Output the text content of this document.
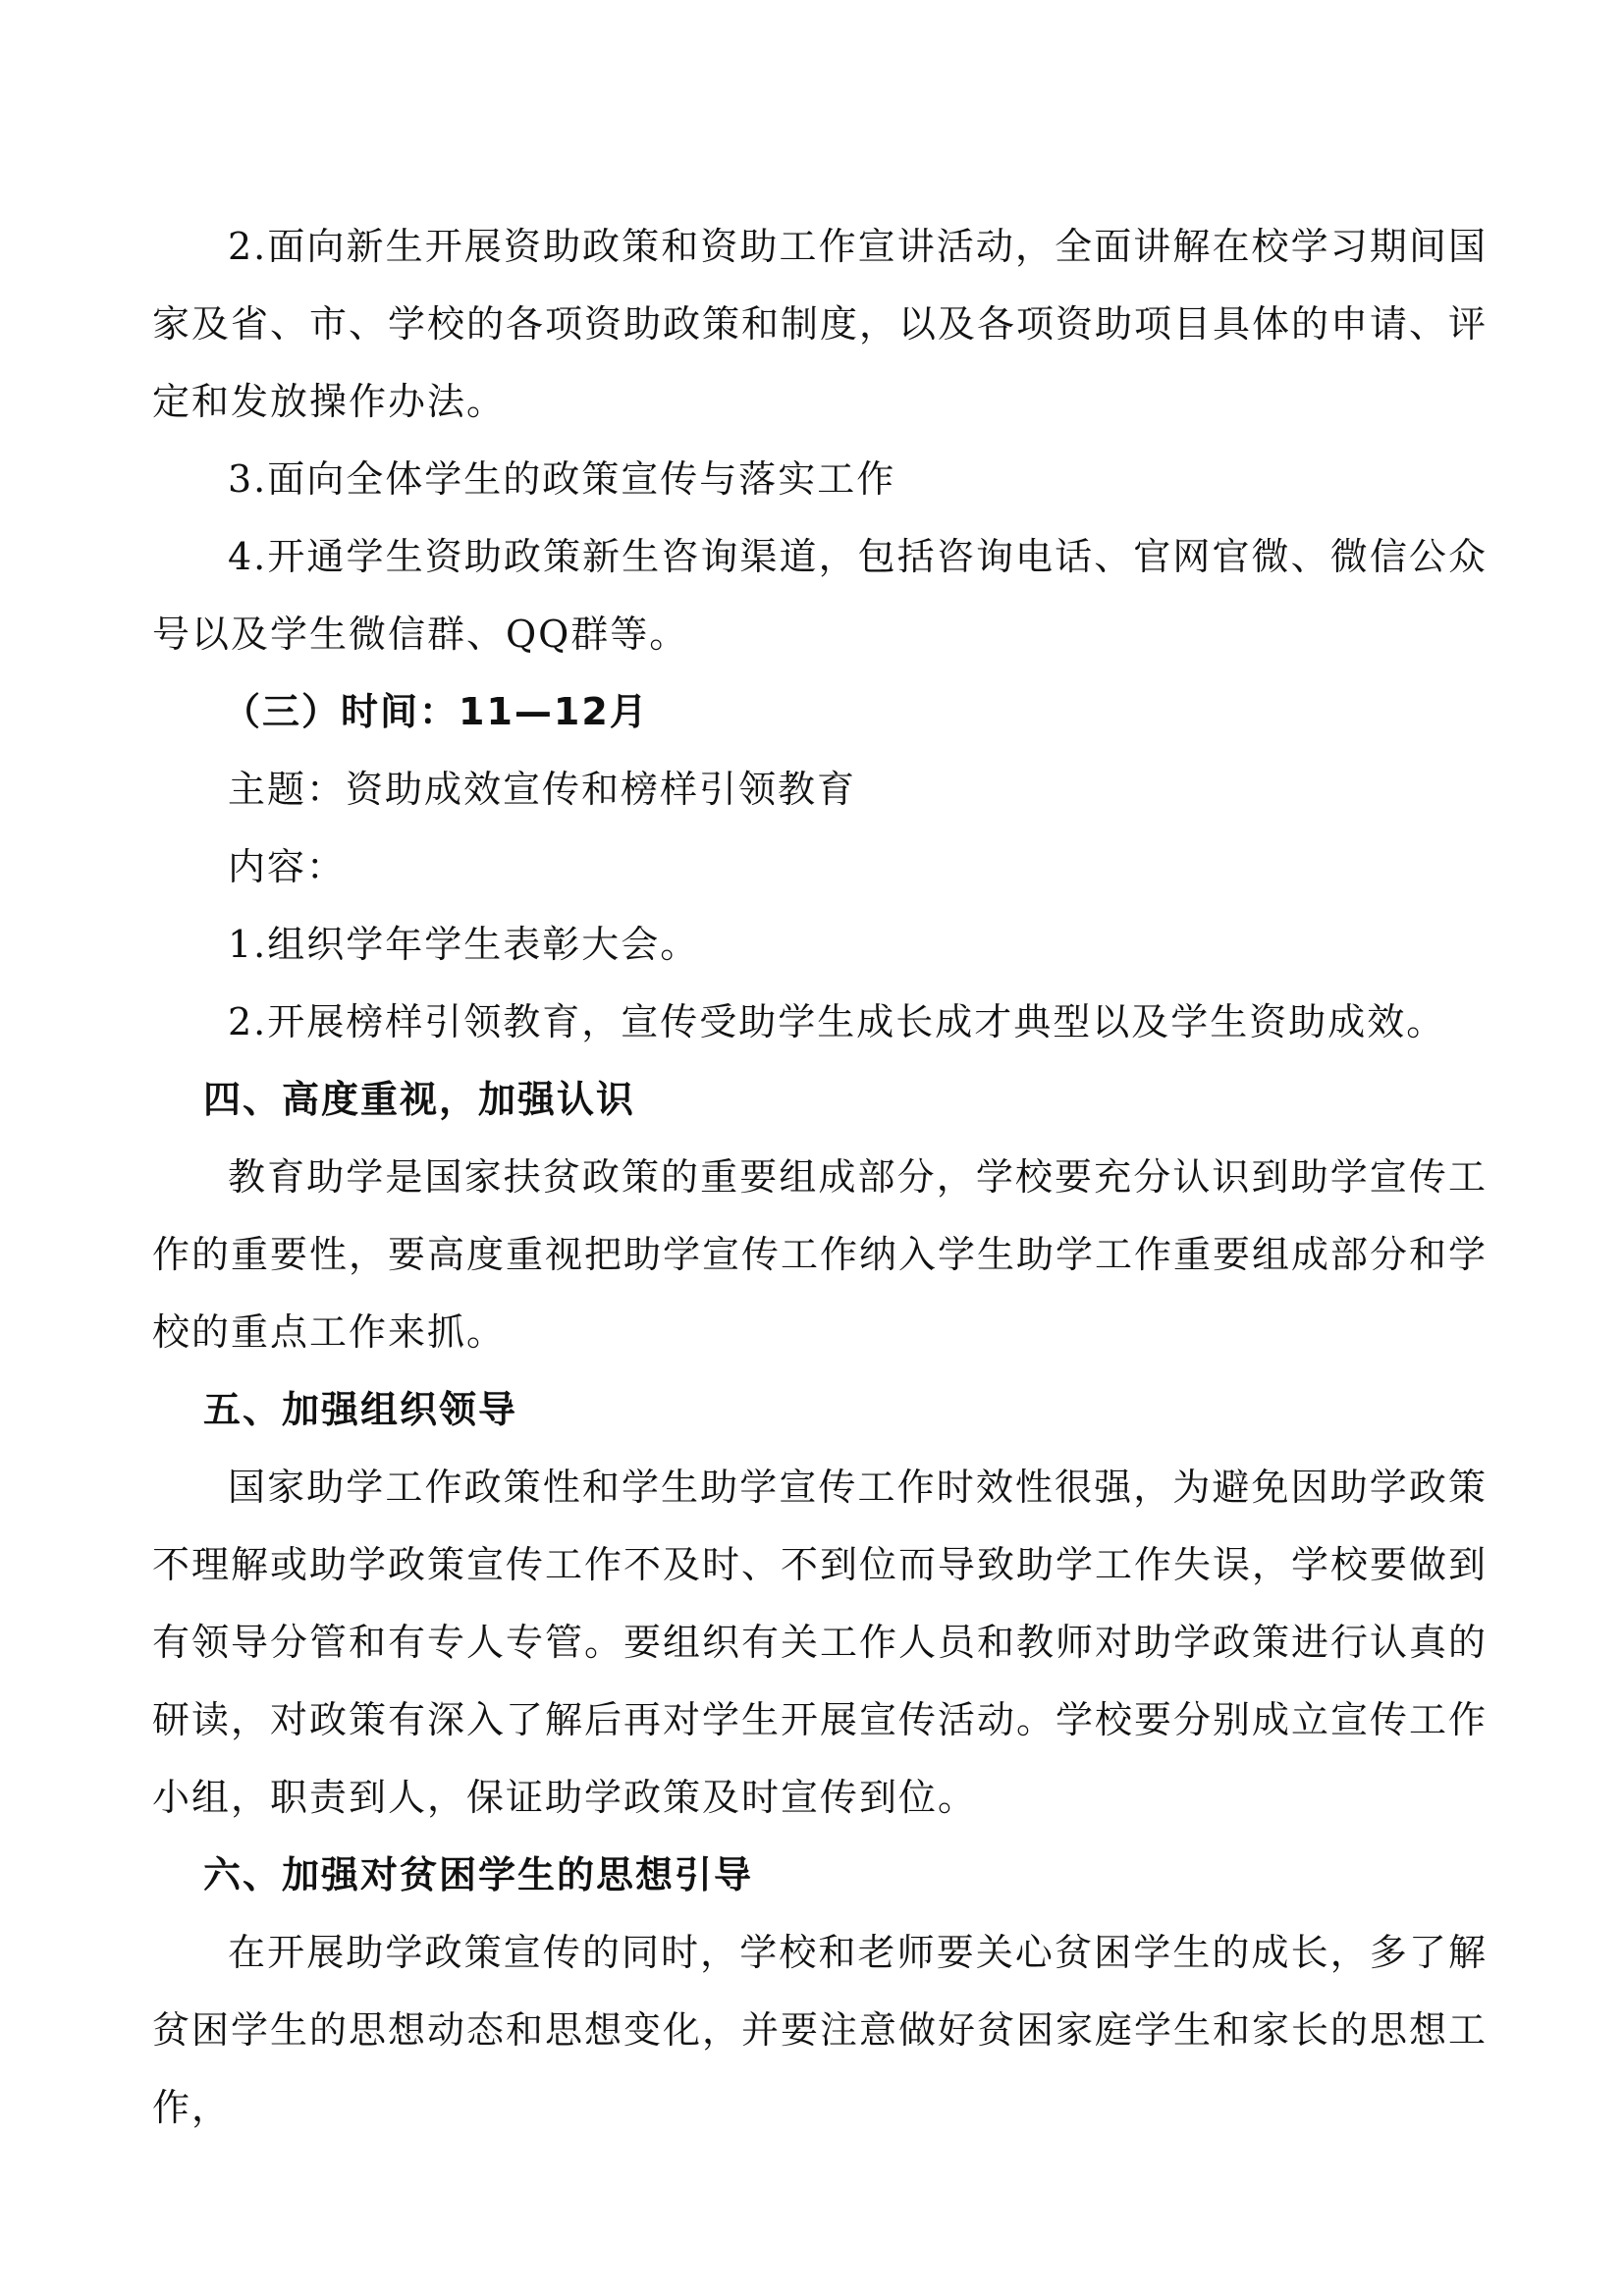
2.面向新生开展资助政策和资助工作宣讲活动，全面讲解在校学习期间国家及省、市、学校的各项资助政策和制度，以及各项资助项目具体的申请、评定和发放操作办法。

3.面向全体学生的政策宣传与落实工作

4.开通学生资助政策新生咨询渠道，包括咨询电话、官网官微、微信公众号以及学生微信群、QQ群等。

（三）时间：11—12月

主题：资助成效宣传和榜样引领教育

内容：

1.组织学年学生表彰大会。

2.开展榜样引领教育，宣传受助学生成长成才典型以及学生资助成效。

四、高度重视，加强认识

教育助学是国家扶贫政策的重要组成部分，学校要充分认识到助学宣传工作的重要性，要高度重视把助学宣传工作纳入学生助学工作重要组成部分和学校的重点工作来抓。

五、加强组织领导

国家助学工作政策性和学生助学宣传工作时效性很强，为避免因助学政策不理解或助学政策宣传工作不及时、不到位而导致助学工作失误，学校要做到有领导分管和有专人专管。要组织有关工作人员和教师对助学政策进行认真的研读，对政策有深入了解后再对学生开展宣传活动。学校要分别成立宣传工作小组，职责到人，保证助学政策及时宣传到位。

六、加强对贫困学生的思想引导

在开展助学政策宣传的同时，学校和老师要关心贫困学生的成长，多了解贫困学生的思想动态和思想变化，并要注意做好贫困家庭学生和家长的思想工作，
